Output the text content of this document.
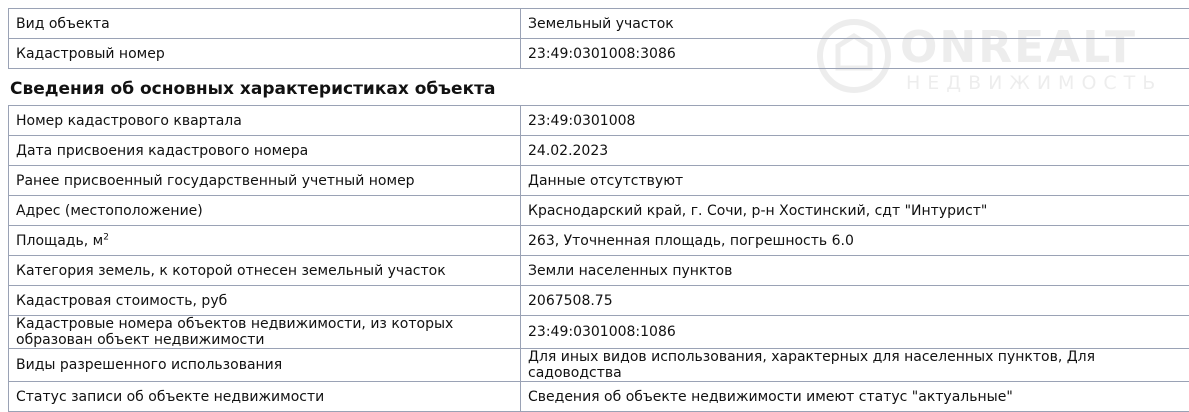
ONREALT
НЕДВИЖИМОСТЬ
Вид объекта	Земельный участок
Кадастровый номер	23:49:0301008:3086
Сведения об основных характеристиках объекта
Номер кадастрового квартала	23:49:0301008
Дата присвоения кадастрового номера	24.02.2023
Ранее присвоенный государственный учетный номер	Данные отсутствуют
Адрес (местоположение)	Краснодарский край, г. Сочи, р-н Хостинский, сдт "Интурист"
Площадь, $м^2$	263, Уточненная площадь, погрешность 6.0
Категория земель, к которой отнесен земельный участок	Земли населенных пунктов
Кадастровая стоимость, руб	2067508.75
Кадастровые номера объектов недвижимости, из которых образован объект недвижимости	23:49:0301008:1086
Виды разрешенного использования	Для иных видов использования, характерных для населенных пунктов, Для садоводства
Статус записи об объекте недвижимости	Сведения об объекте недвижимости имеют статус "актуальные"
